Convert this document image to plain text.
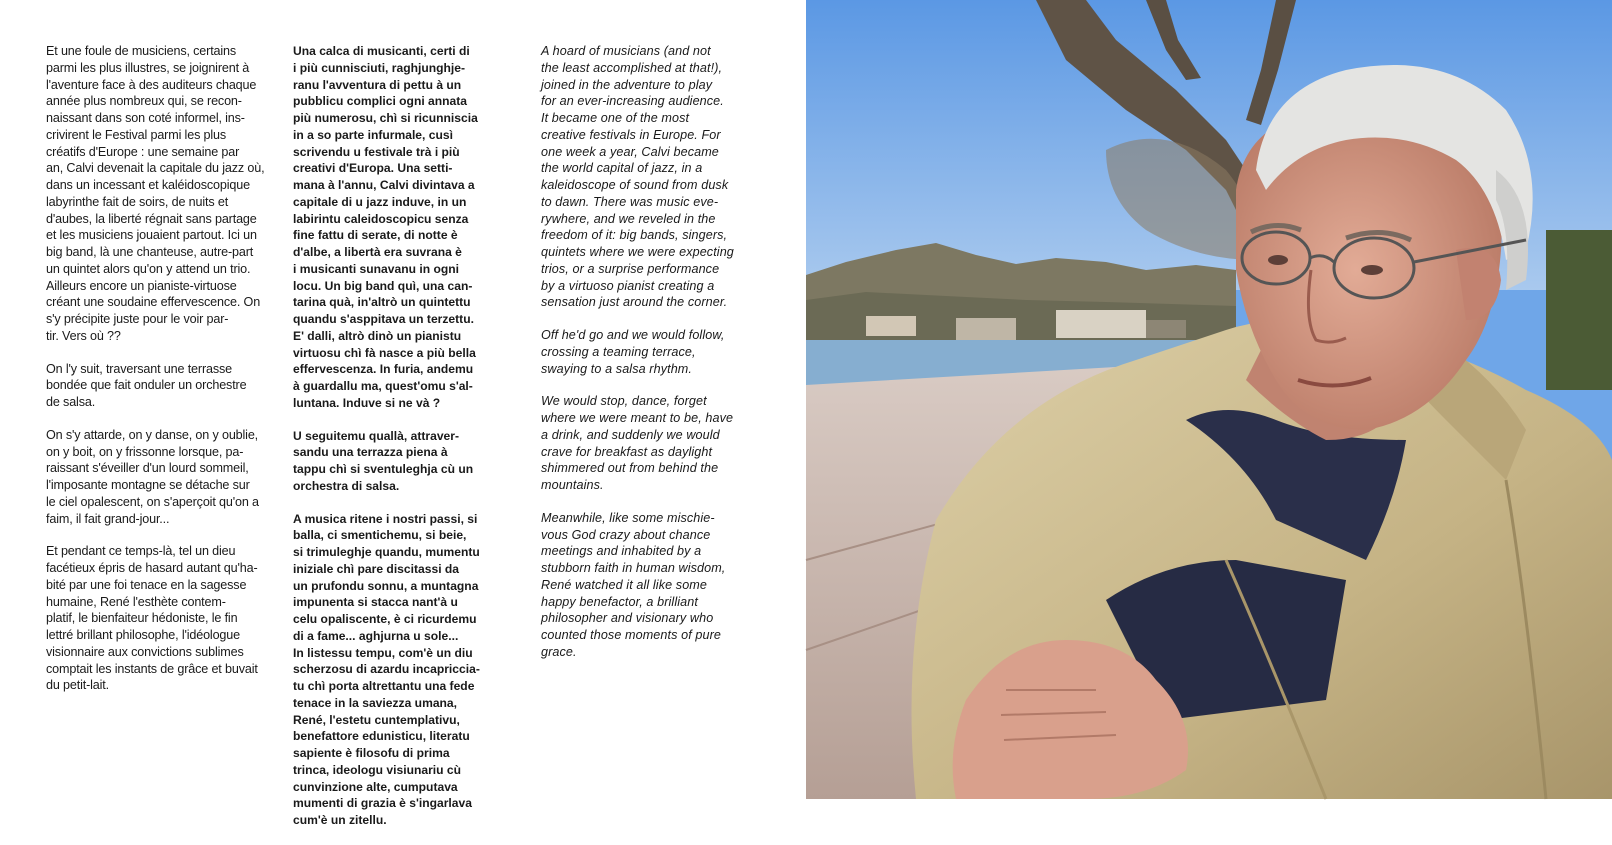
Et une foule de musiciens, certains
parmi les plus illustres, se joignirent à
l'aventure face à des auditeurs chaque
année plus nombreux qui, se recon-
naissant dans son coté informel, ins-
crivirent le Festival parmi les plus
créatifs d'Europe : une semaine par
an, Calvi devenait la capitale du jazz où,
dans un incessant et kaléidoscopique
labyrinthe fait de soirs, de nuits et
d'aubes, la liberté régnait sans partage
et les musiciens jouaient partout. Ici un
big band, là une chanteuse, autre-part
un quintet alors qu'on y attend un trio.
Ailleurs encore un pianiste-virtuose
créant une soudaine effervescence. On
s'y précipite juste pour le voir par-
tir. Vers où ??

On l'y suit, traversant une terrasse
bondée que fait onduler un orchestre
de salsa.

On s'y attarde, on y danse, on y oublie,
on y boit, on y frissonne lorsque, pa-
raissant s'éveiller d'un lourd sommeil,
l'imposante montagne se détache sur
le ciel opalescent, on s'aperçoit qu'on a
faim, il fait grand-jour...

Et pendant ce temps-là, tel un dieu
facétieux épris de hasard autant qu'ha-
bité par une foi tenace en la sagesse
humaine, René l'esthète contem-
platif, le bienfaiteur hédoniste, le fin
lettré brillant philosophe, l'idéologue
visionnaire aux convictions sublimes
comptait les instants de grâce et buvait
du petit-lait.

Una calca di musicanti, certi di
i più cunnisciuti, raghjunghje-
ranu l'avventura di pettu à un
pubblicu complici ogni annata
più numerosu, chì si ricunniscia
in a so parte infurmale, cusì
scrivendu u festivale trà i più
creativi d'Europa. Una setti-
mana à l'annu, Calvi divintava a
capitale di u jazz induve, in un
labirintu caleidoscopicu senza
fine fattu di serate, di notte è
d'albe, a libertà era suvrana è
i musicanti sunavanu in ogni
locu. Un big band quì, una can-
tarina quà, in'altrò un quintettu
quandu s'asppitava un terzettu.
E' dalli, altrò dinò un pianistu
virtuosu chì fà nasce a più bella
effervescenza. In furia, andemu
à guardallu ma, quest'omu s'al-
luntana. Induve si ne và ?

U seguitemu quallà, attraver-
sandu una terrazza piena à
tappu chì si sventuleghja cù un
orchestra di salsa.

A musica ritene i nostri passi, si
balla, ci smentichemu, si beie,
si trimuleghje quandu, mumentu
iniziale chì pare discitassi da
un prufondu sonnu, a muntagna
impunenta si stacca nant'à u
celu opaliscente, è ci ricurdemu
di a fame... aghjurna u sole...
In listessu tempu, com'è un diu
scherzosu di azardu incapriccia-
tu chì porta altrettantu una fede
tenace in la saviezza umana,
René, l'estetu cuntemplativu,
benefattore edunisticu, literatu
sapiente è filosofu di prima
trinca, ideologu visiunariu cù
cunvinzione alte, cumputava
mumenti di grazia è s'ingarlava
cum'è un zitellu.

A hoard of musicians (and not
the least accomplished at that!),
joined in the adventure to play
for an ever-increasing audience.
It became one of the most
creative festivals in Europe. For
one week a year, Calvi became
the world capital of jazz, in a
kaleidoscope of sound from dusk
to dawn. There was music eve-
rywhere, and we reveled in the
freedom of it: big bands, singers,
quintets where we were expecting
trios, or a surprise performance
by a virtuoso pianist creating a
sensation just around the corner.

Off he'd go and we would follow,
crossing a teaming terrace,
swaying to a salsa rhythm.

We would stop, dance, forget
where we were meant to be, have
a drink, and suddenly we would
crave for breakfast as daylight
shimmered out from behind the
mountains.

Meanwhile, like some mischie-
vous God crazy about chance
meetings and inhabited by a
stubborn faith in human wisdom,
René watched it all like some
happy benefactor, a brilliant
philosopher and visionary who
counted those moments of pure
grace.
